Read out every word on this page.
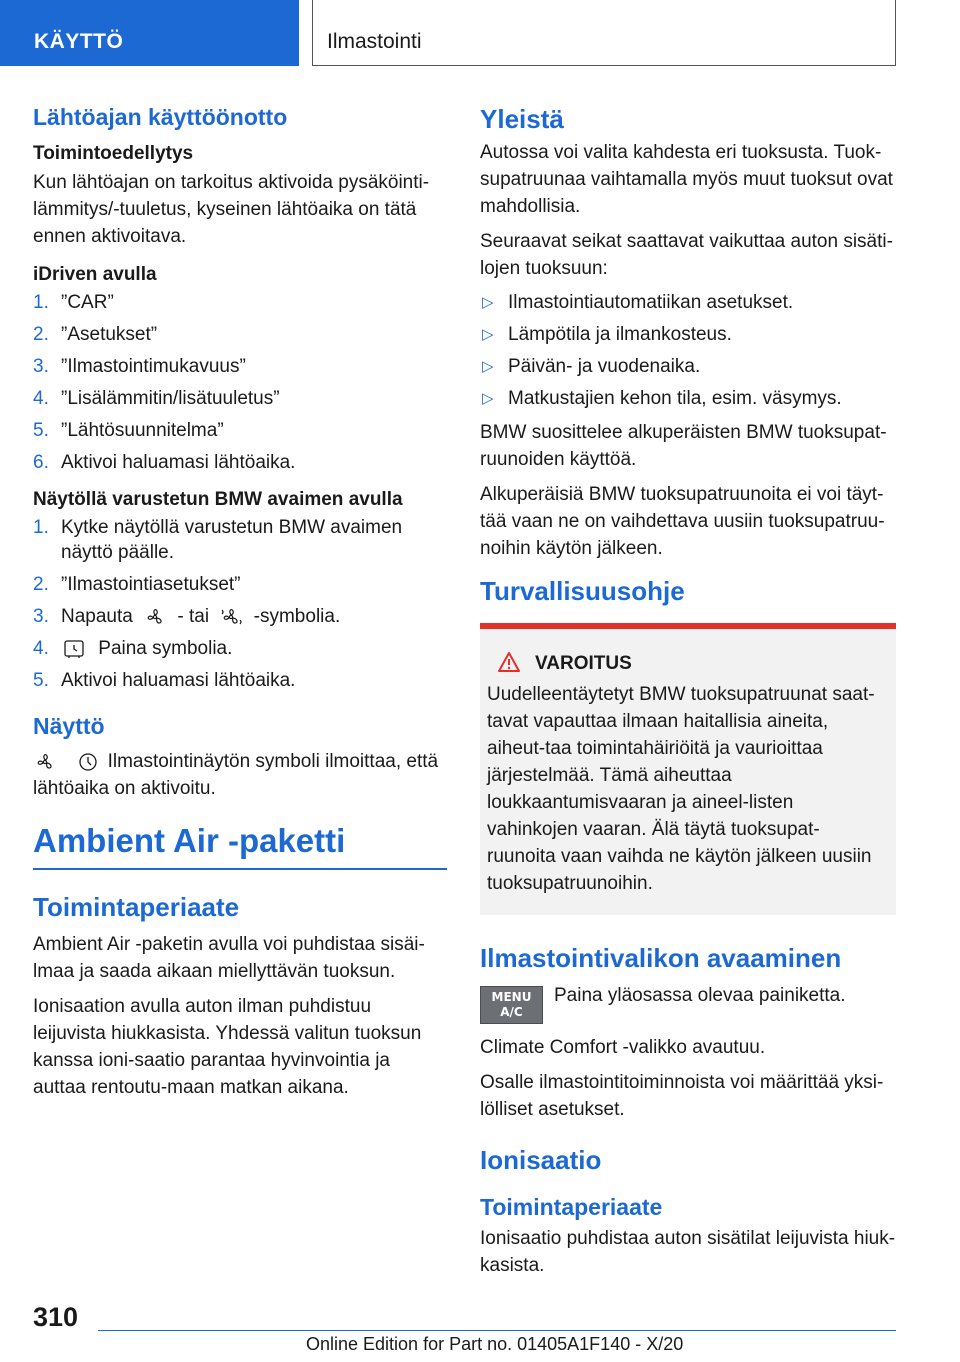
KÄYTTÖ	Ilmastointi
Lähtöajan käyttöönotto
Toimintoedellytys

Kun lähtöajan on tarkoitus aktivoida pysäköinti-lämmitys/-tuuletus, kyseinen lähtöaika on tätä ennen aktivoitava.

iDriven avulla
1. ”CAR”
2. ”Asetukset”
3. ”Ilmastointimukavuus”
4. ”Lisälämmitin/lisätuuletus”
5. ”Lähtösuunnitelma”
6. Aktivoi haluamasi lähtöaika.
Näytöllä varustetun BMW avaimen avulla
1. Kytke näytöllä varustetun BMW avaimen näyttö päälle.
2. ”Ilmastointiasetukset”
3. Napauta - tai -symbolia.
4.	Paina symbolia.
5. Aktivoi haluamasi lähtöaika.
Näyttö

Ilmastointinäytön symboli ilmoittaa, että lähtöaika on aktivoitu.

Ambient Air -paketti
Toimintaperiaate

Ambient Air -paketin avulla voi puhdistaa sisäi-lmaa ja saada aikaan miellyttävän tuoksun.

Ionisaation avulla auton ilman puhdistuu leijuvista hiukkasista. Yhdessä valitun tuoksun kanssa ioni-saatio parantaa hyvinvointia ja auttaa rentoutu-maan matkan aikana.

Yleistä

Autossa voi valita kahdesta eri tuoksusta. Tuok-supatruunaa vaihtamalla myös muut tuoksut ovat mahdollisia.

Seuraavat seikat saattavat vaikuttaa auton sisäti-lojen tuoksuun:

▷ Ilmastointiautomatiikan asetukset.
▷ Lämpötila ja ilmankosteus.
▷ Päivän- ja vuodenaika.
▷ Matkustajien kehon tila, esim. väsymys.

BMW suosittelee alkuperäisten BMW tuoksupat-ruunoiden käyttöä.

Alkuperäisiä BMW tuoksupatruunoita ei voi täyt-tää vaan ne on vaihdettava uusiin tuoksupatruu-noihin käytön jälkeen.

Turvallisuusohje
VAROITUS

Uudelleentäytetyt BMW tuoksupatruunat saat-tavat vapauttaa ilmaan haitallisia aineita, aiheut-taa toimintahäiriöitä ja vaurioittaa järjestelmää. Tämä aiheuttaa loukkaantumisvaaran ja aineel-listen vahinkojen vaaran. Älä täytä tuoksupat-ruunoita vaan vaihda ne käytön jälkeen uusiin tuoksupatruunoihin.

Ilmastointivalikon avaaminen
MENU
A/C
Paina yläosassa olevaa painiketta.

Climate Comfort -valikko avautuu.

Osalle ilmastointitoiminnoista voi määrittää yksi-lölliset asetukset.

Ionisaatio
Toimintaperiaate

Ionisaatio puhdistaa auton sisätilat leijuvista hiuk-kasista.

310
Online Edition for Part no. 01405A1F140 - X/20
